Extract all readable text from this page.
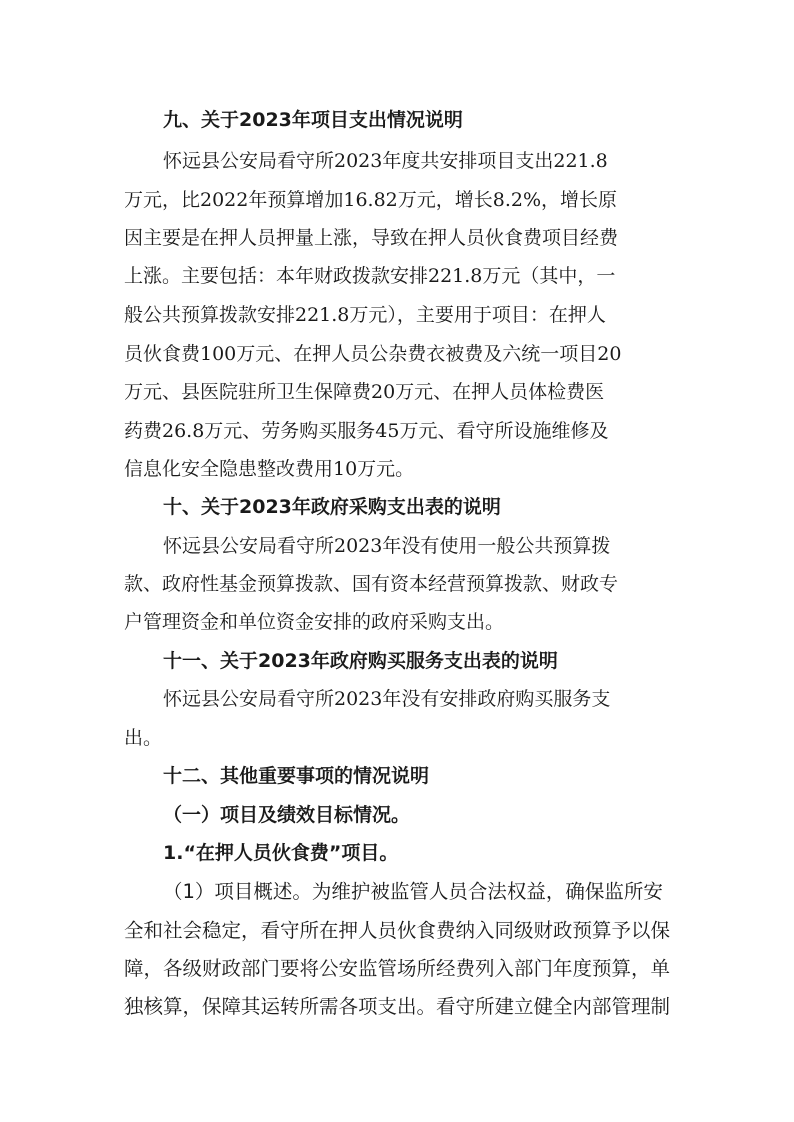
九、关于2023年项目支出情况说明
怀远县公安局看守所2023年度共安排项目支出221.8
万元，比2022年预算增加16.82万元，增长8.2%，增长原
因主要是在押人员押量上涨，导致在押人员伙食费项目经费
上涨。主要包括：本年财政拨款安排221.8万元（其中，一
般公共预算拨款安排221.8万元），主要用于项目：在押人
员伙食费100万元、在押人员公杂费衣被费及六统一项目20
万元、县医院驻所卫生保障费20万元、在押人员体检费医
药费26.8万元、劳务购买服务45万元、看守所设施维修及
信息化安全隐患整改费用10万元。
十、关于2023年政府采购支出表的说明
怀远县公安局看守所2023年没有使用一般公共预算拨
款、政府性基金预算拨款、国有资本经营预算拨款、财政专
户管理资金和单位资金安排的政府采购支出。
十一、关于2023年政府购买服务支出表的说明
怀远县公安局看守所2023年没有安排政府购买服务支
出。
十二、其他重要事项的情况说明
（一）项目及绩效目标情况。
1.“在押人员伙食费”项目。
（1）项目概述。为维护被监管人员合法权益，确保监所安
全和社会稳定，看守所在押人员伙食费纳入同级财政预算予以保
障，各级财政部门要将公安监管场所经费列入部门年度预算，单
独核算，保障其运转所需各项支出。看守所建立健全内部管理制
